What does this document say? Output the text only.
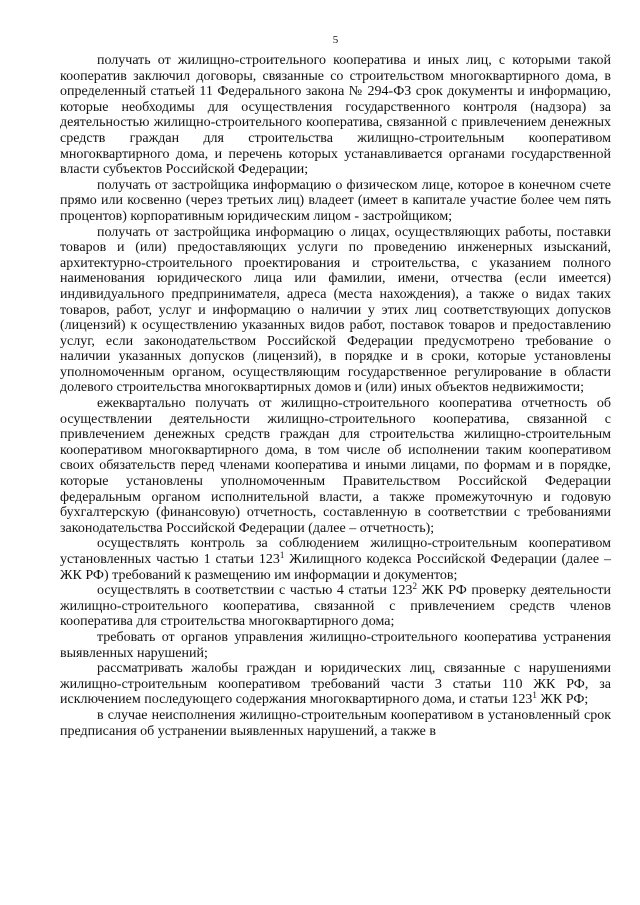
5

получать от жилищно-строительного кооператива и иных лиц, с которыми такой кооператив заключил договоры, связанные со строительством многоквартирного дома, в определенный статьей 11 Федерального закона № 294-ФЗ срок документы и информацию, которые необходимы для осуществления государственного контроля (надзора) за деятельностью жилищно-строительного кооператива, связанной с привлечением денежных средств граждан для строительства жилищно-строительным кооперативом многоквартирного дома, и перечень которых устанавливается органами государственной власти субъектов Российской Федерации;

получать от застройщика информацию о физическом лице, которое в конечном счете прямо или косвенно (через третьих лиц) владеет (имеет в капитале участие более чем пять процентов) корпоративным юридическим лицом - застройщиком;

получать от застройщика информацию о лицах, осуществляющих работы, поставки товаров и (или) предоставляющих услуги по проведению инженерных изысканий, архитектурно-строительного проектирования и строительства, с указанием полного наименования юридического лица или фамилии, имени, отчества (если имеется) индивидуального предпринимателя, адреса (места нахождения), а также о видах таких товаров, работ, услуг и информацию о наличии у этих лиц соответствующих допусков (лицензий) к осуществлению указанных видов работ, поставок товаров и предоставлению услуг, если законодательством Российской Федерации предусмотрено требование о наличии указанных допусков (лицензий), в порядке и в сроки, которые установлены уполномоченным органом, осуществляющим государственное регулирование в области долевого строительства многоквартирных домов и (или) иных объектов недвижимости;

ежеквартально получать от жилищно-строительного кооператива отчетность об осуществлении деятельности жилищно-строительного кооператива, связанной с привлечением денежных средств граждан для строительства жилищно-строительным кооперативом многоквартирного дома, в том числе об исполнении таким кооперативом своих обязательств перед членами кооператива и иными лицами, по формам и в порядке, которые установлены уполномоченным Правительством Российской Федерации федеральным органом исполнительной власти, а также промежуточную и годовую бухгалтерскую (финансовую) отчетность, составленную в соответствии с требованиями законодательства Российской Федерации (далее – отчетность);

осуществлять контроль за соблюдением жилищно-строительным кооперативом установленных частью 1 статьи $123^1$ Жилищного кодекса Российской Федерации (далее – ЖК РФ) требований к размещению им информации и документов;

осуществлять в соответствии с частью 4 статьи $123^2$ ЖК РФ проверку деятельности жилищно-строительного кооператива, связанной с привлечением средств членов кооператива для строительства многоквартирного дома;

требовать от органов управления жилищно-строительного кооператива устранения выявленных нарушений;

рассматривать жалобы граждан и юридических лиц, связанные с нарушениями жилищно-строительным кооперативом требований части 3 статьи 110 ЖК РФ, за исключением последующего содержания многоквартирного дома, и статьи $123^1$ ЖК РФ;

в случае неисполнения жилищно-строительным кооперативом в установленный срок предписания об устранении выявленных нарушений, а также в
